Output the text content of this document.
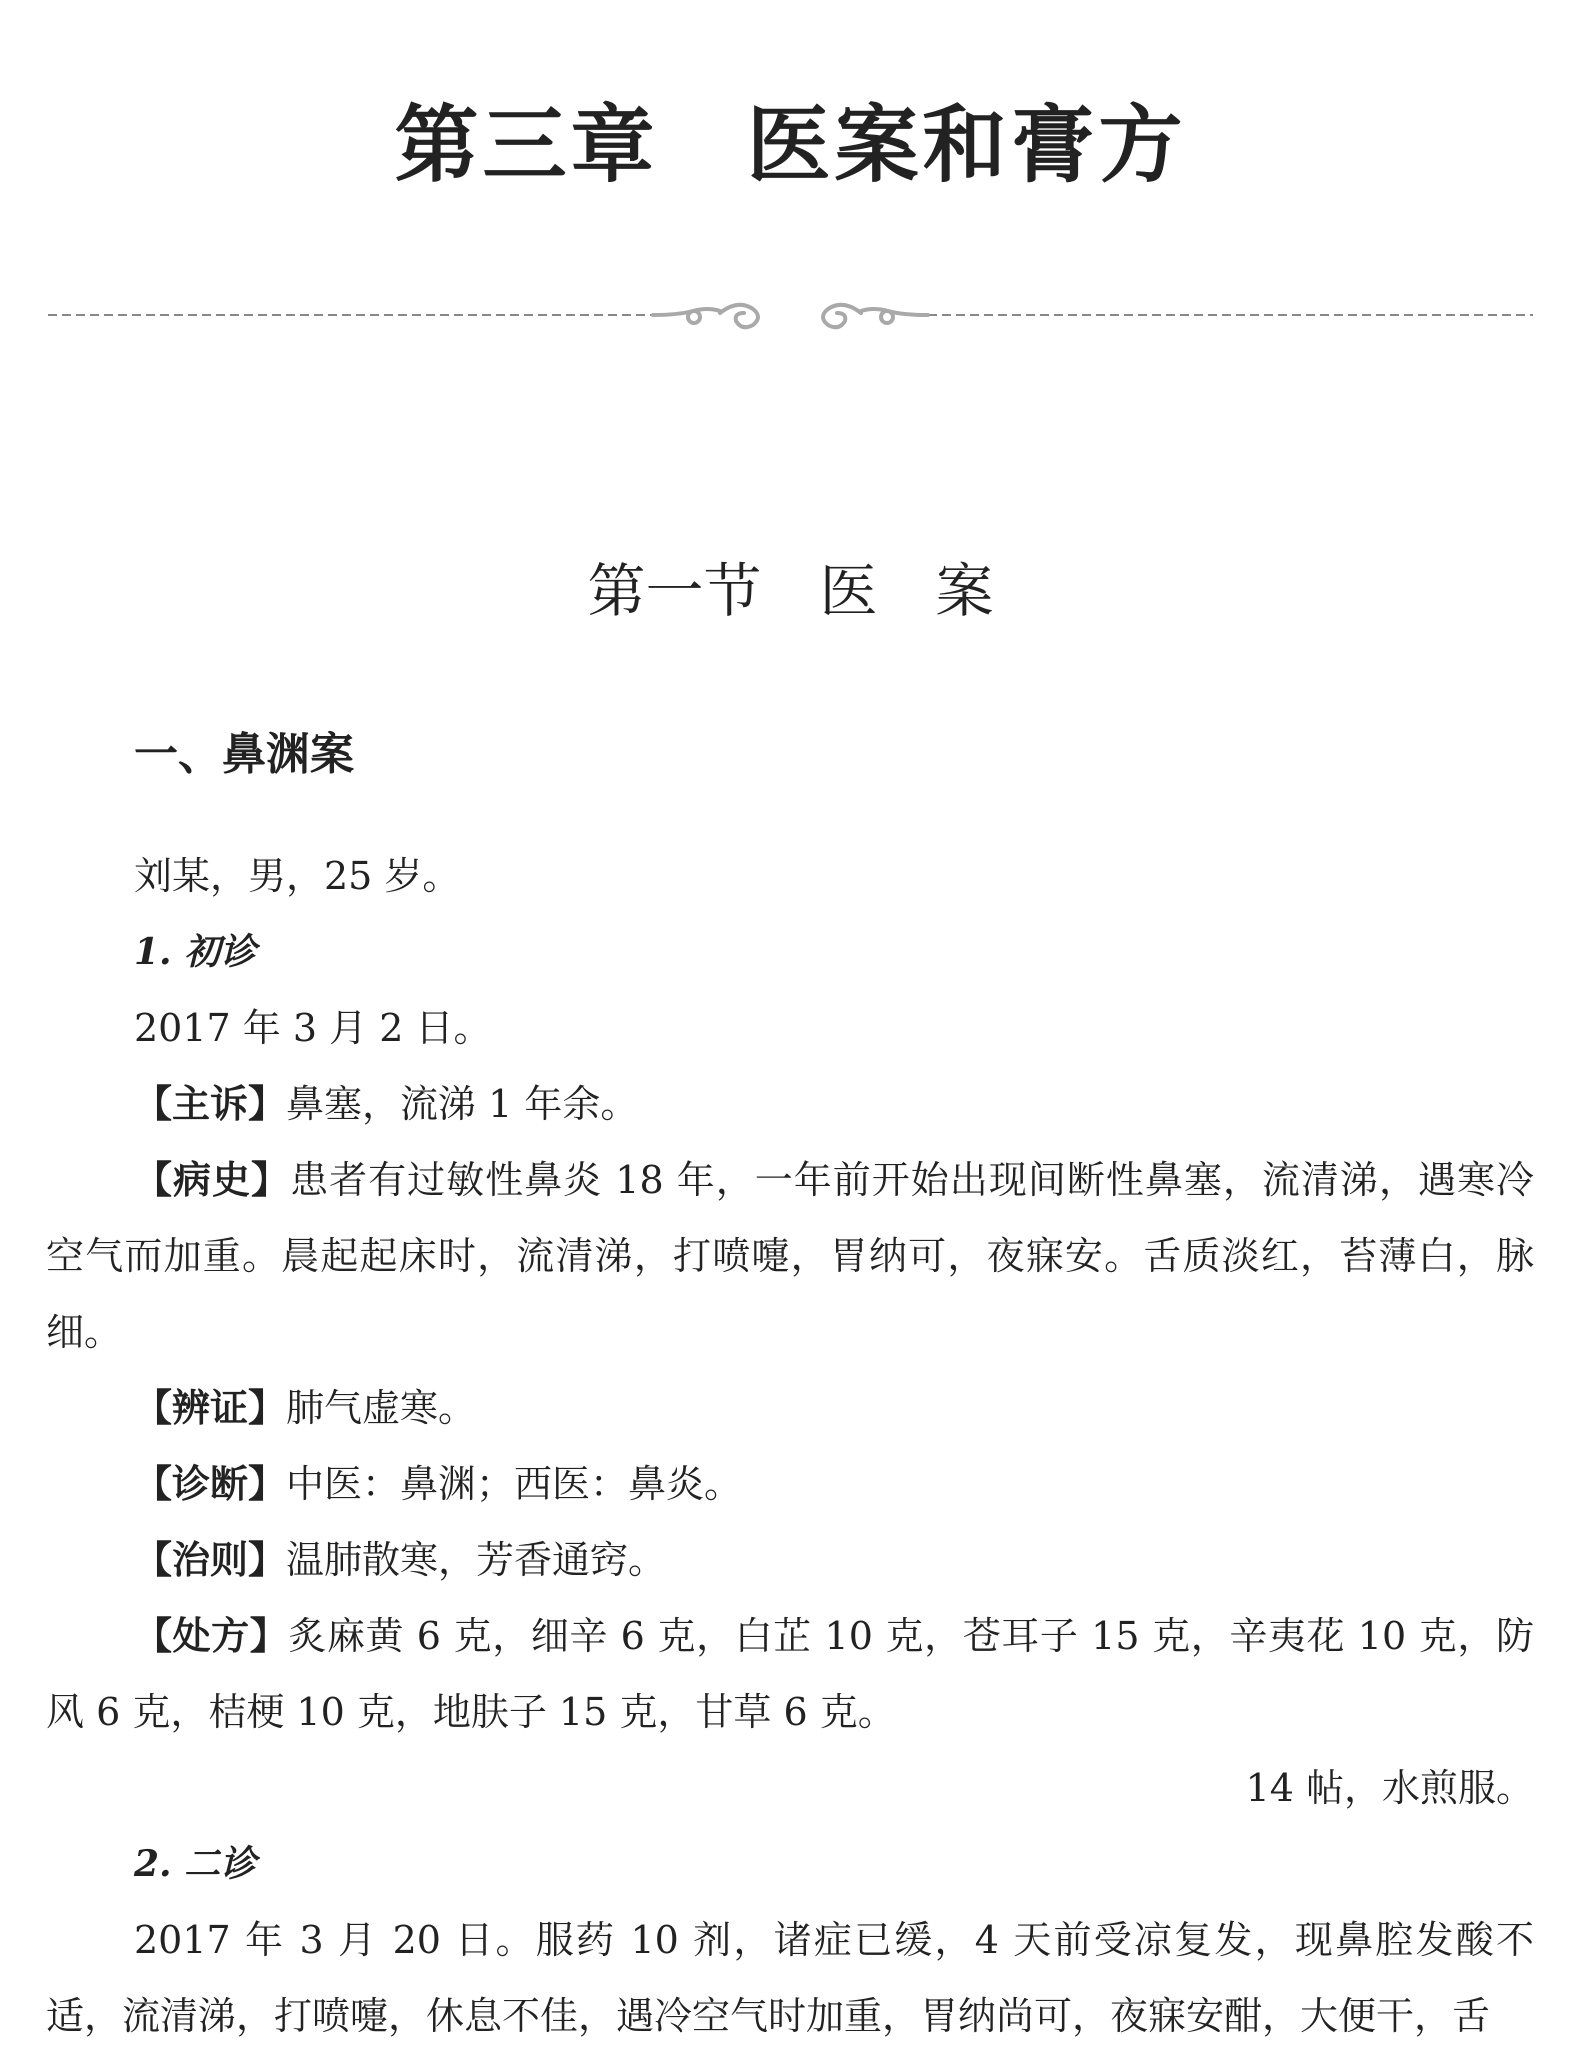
第三章　医案和膏方
第一节　医　案
一、鼻渊案

刘某，男，25 岁。

1. 初诊

2017 年 3 月 2 日。

【主诉】鼻塞，流涕 1 年余。

【病史】患者有过敏性鼻炎 18 年，一年前开始出现间断性鼻塞，流清涕，遇寒冷空气而加重。晨起起床时，流清涕，打喷嚏，胃纳可，夜寐安。舌质淡红，苔薄白，脉细。

【辨证】肺气虚寒。

【诊断】中医：鼻渊；西医：鼻炎。

【治则】温肺散寒，芳香通窍。

【处方】炙麻黄 6 克，细辛 6 克，白芷 10 克，苍耳子 15 克，辛夷花 10 克，防风 6 克，桔梗 10 克，地肤子 15 克，甘草 6 克。

14 帖，水煎服。

2. 二诊

2017 年 3 月 20 日。服药 10 剂，诸症已缓，4 天前受凉复发，现鼻腔发酸不适，流清涕，打喷嚏，休息不佳，遇冷空气时加重，胃纳尚可，夜寐安酣，大便干，舌
